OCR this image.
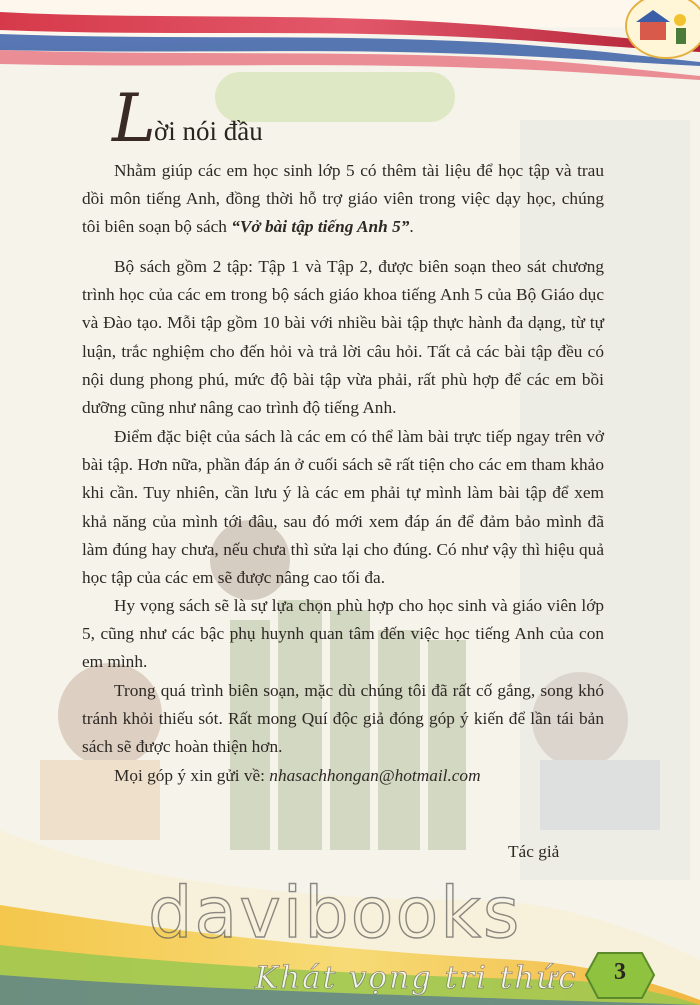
L
ời nói đầu

Nhằm giúp các em học sinh lớp 5 có thêm tài liệu để học tập và trau dồi môn tiếng Anh, đồng thời hỗ trợ giáo viên trong việc dạy học, chúng tôi biên soạn bộ sách “Vở bài tập tiếng Anh 5”.

Bộ sách gồm 2 tập: Tập 1 và Tập 2, được biên soạn theo sát chương trình học của các em trong bộ sách giáo khoa tiếng Anh 5 của Bộ Giáo dục và Đào tạo. Mỗi tập gồm 10 bài với nhiều bài tập thực hành đa dạng, từ tự luận, trắc nghiệm cho đến hỏi và trả lời câu hỏi. Tất cả các bài tập đều có nội dung phong phú, mức độ bài tập vừa phải, rất phù hợp để các em bồi dưỡng cũng như nâng cao trình độ tiếng Anh.

Điểm đặc biệt của sách là các em có thể làm bài trực tiếp ngay trên vở bài tập. Hơn nữa, phần đáp án ở cuối sách sẽ rất tiện cho các em tham khảo khi cần. Tuy nhiên, cần lưu ý là các em phải tự mình làm bài tập để xem khả năng của mình tới đâu, sau đó mới xem đáp án để đảm bảo mình đã làm đúng hay chưa, nếu chưa thì sửa lại cho đúng. Có như vậy thì hiệu quả học tập của các em sẽ được nâng cao tối đa.

Hy vọng sách sẽ là sự lựa chọn phù hợp cho học sinh và giáo viên lớp 5, cũng như các bậc phụ huynh quan tâm đến việc học tiếng Anh của con em mình.

Trong quá trình biên soạn, mặc dù chúng tôi đã rất cố gắng, song khó tránh khỏi thiếu sót. Rất mong Quí độc giả đóng góp ý kiến để lần tái bản sách sẽ được hoàn thiện hơn.

Mọi góp ý xin gửi về: nhasachhongan@hotmail.com

Tác giả
davibooks
Khát vọng tri thức	3
